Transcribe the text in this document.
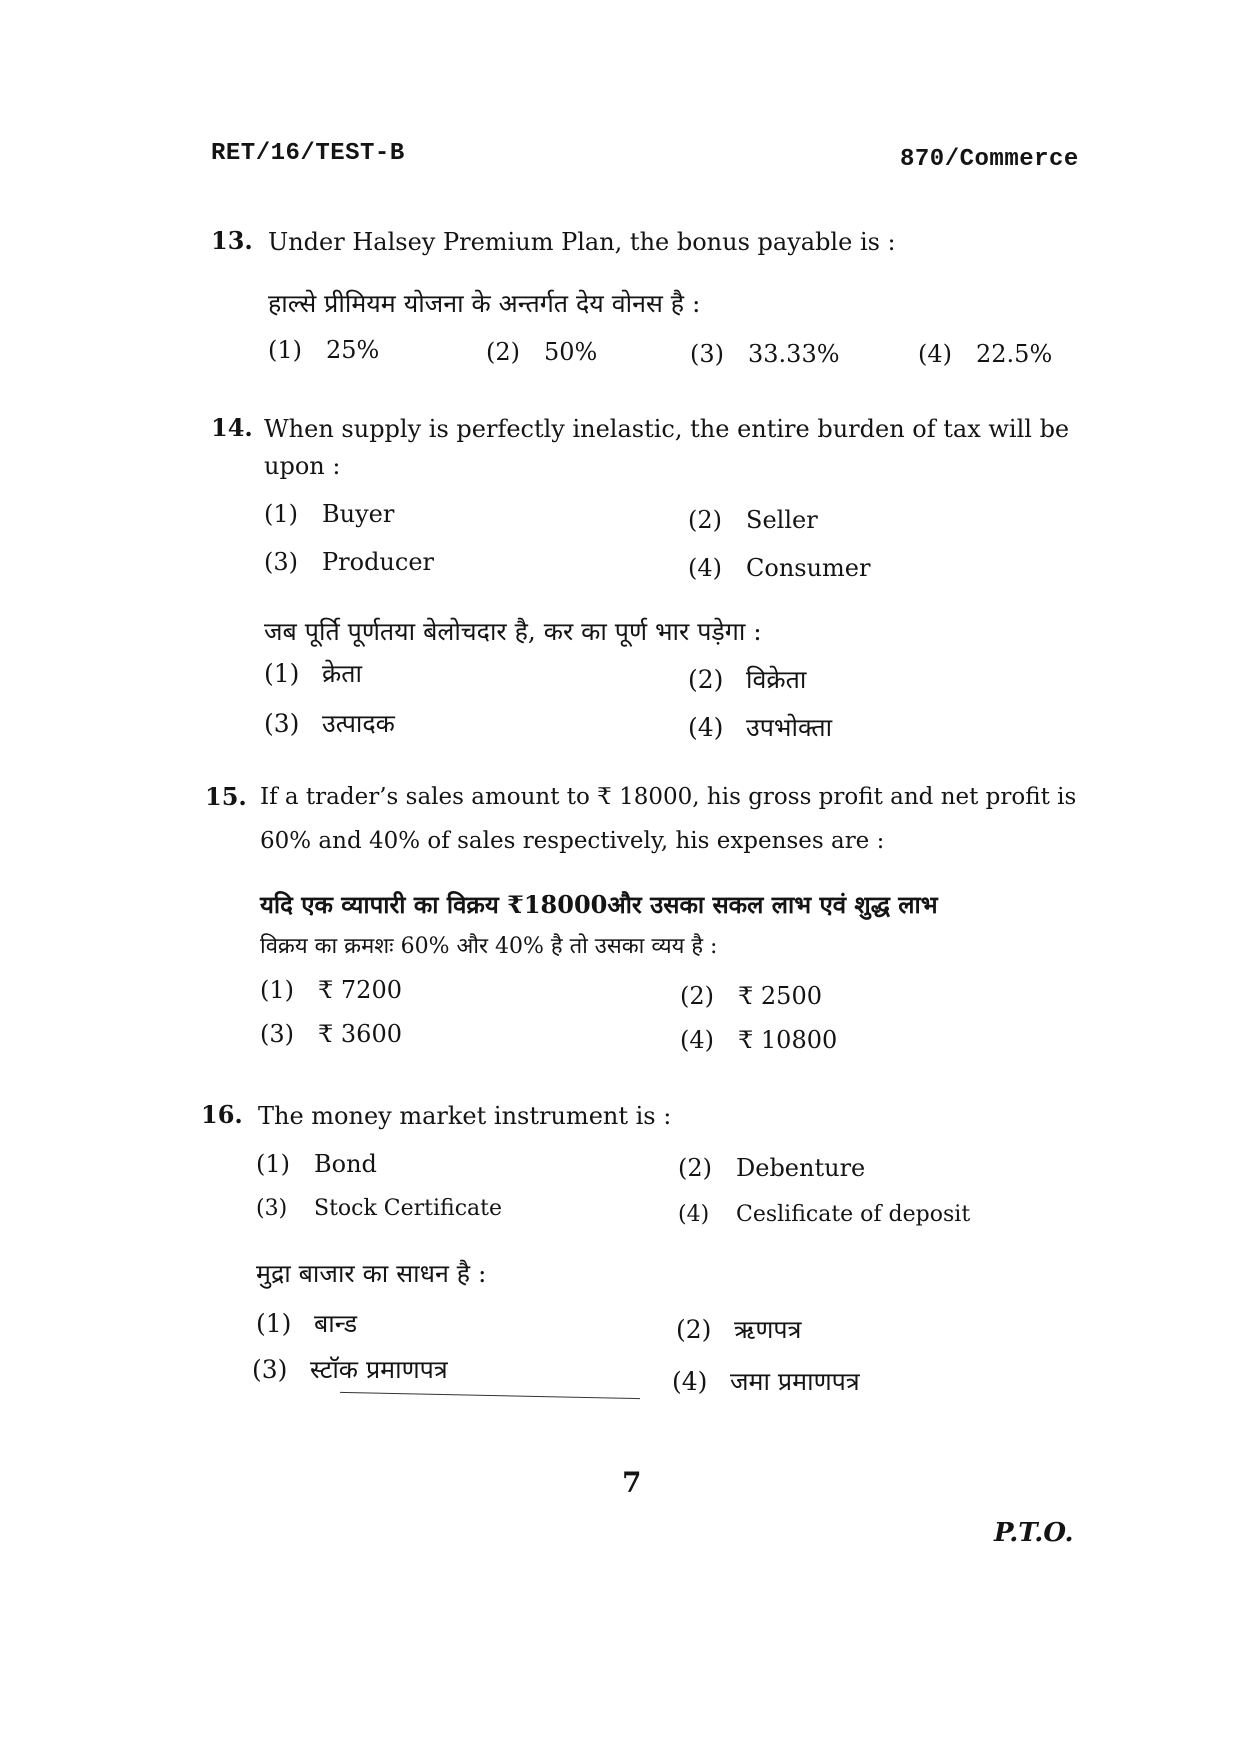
RET/16/TEST-B	870/Commerce
13. Under Halsey Premium Plan, the bonus payable is :
हाल्से प्रीमियम योजना के अन्तर्गत देय वोनस है :
(1) 25%	(2) 50%	(3) 33.33%	(4) 22.5%
14. When supply is perfectly inelastic, the entire burden of tax will be
upon :
(1) Buyer	(2) Seller
(3) Producer	(4) Consumer
जब पूर्ति पूर्णतया बेलोचदार है, कर का पूर्ण भार पड़ेगा :
(1) क्रेता	(2) विक्रेता
(3) उत्पादक	(4) उपभोक्ता
15. If a trader’s sales amount to ₹ 18000, his gross profit and net profit is
60% and 40% of sales respectively, his expenses are :
यदि एक व्यापारी का विक्रय ₹18000और उसका सकल लाभ एवं शुद्ध लाभ
विक्रय का क्रमशः 60% और 40% है तो उसका व्यय है :
(1) ₹ 7200	(2) ₹ 2500
(3) ₹ 3600	(4) ₹ 10800
16. The money market instrument is :
(1) Bond	(2) Debenture
(3) Stock Certificate	(4) Ceslificate of deposit
मुद्रा बाजार का साधन है :
(1) बान्ड	(2) ऋणपत्र
(3) स्टॉक प्रमाणपत्र	(4) जमा प्रमाणपत्र
7
P.T.O.
